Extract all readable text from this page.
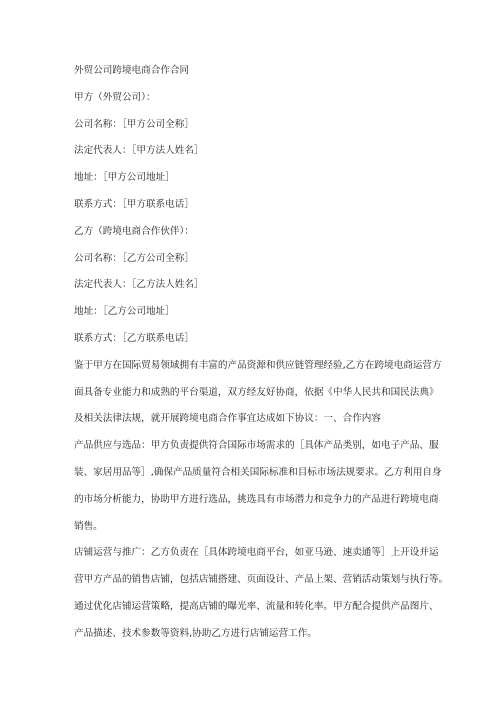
外贸公司跨境电商合作合同
甲方（外贸公司）：
公司名称：［甲方公司全称］
法定代表人：［甲方法人姓名］
地址：［甲方公司地址］
联系方式：［甲方联系电话］
乙方（跨境电商合作伙伴）：
公司名称：［乙方公司全称］
法定代表人：［乙方法人姓名］
地址：［乙方公司地址］
联系方式：［乙方联系电话］
鉴于甲方在国际贸易领域拥有丰富的产品资源和供应链管理经验,乙方在跨境电商运营方
面具备专业能力和成熟的平台渠道，双方经友好协商，依据《中华人民共和国民法典》
及相关法律法规，就开展跨境电商合作事宜达成如下协议：一、合作内容
产品供应与选品：甲方负责提供符合国际市场需求的［具体产品类别，如电子产品、服
装、家居用品等］,确保产品质量符合相关国际标准和目标市场法规要求。乙方利用自身
的市场分析能力，协助甲方进行选品，挑选具有市场潜力和竞争力的产品进行跨境电商
销售。
店铺运营与推广：乙方负责在［具体跨境电商平台，如亚马逊、速卖通等］上开设并运
营甲方产品的销售店铺，包括店铺搭建、页面设计、产品上架、营销活动策划与执行等。
通过优化店铺运营策略，提高店铺的曝光率、流量和转化率。甲方配合提供产品图片、
产品描述、技术参数等资料,协助乙方进行店铺运营工作。
